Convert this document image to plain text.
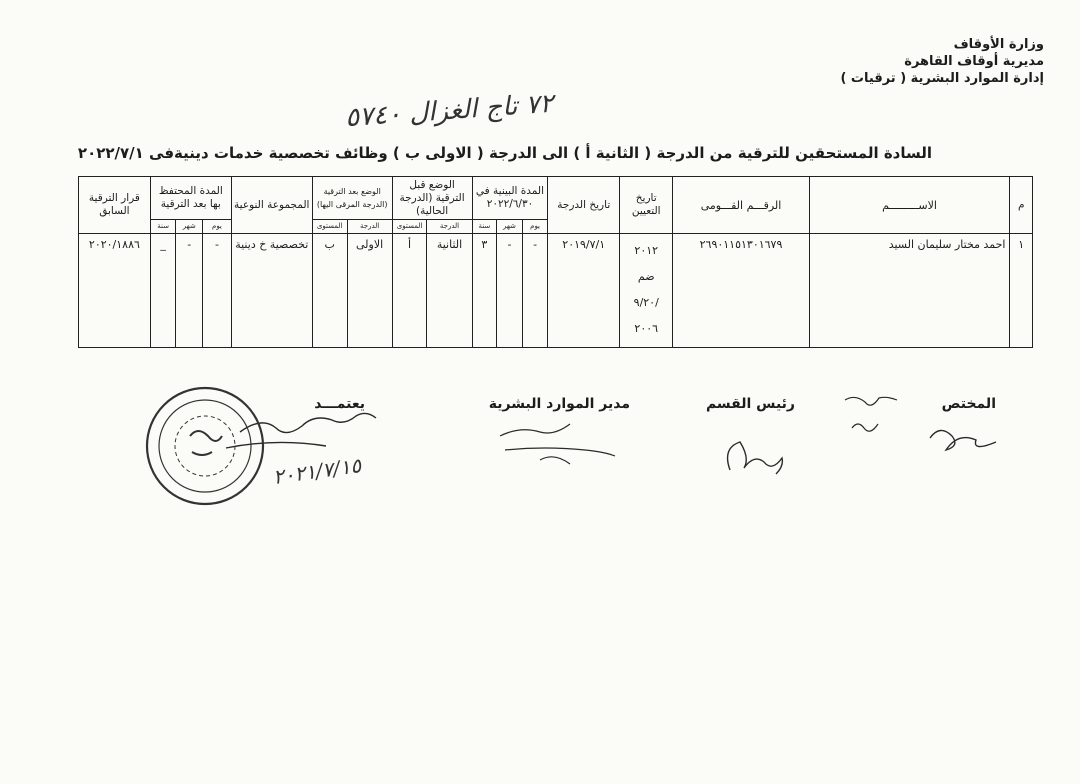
وزارة الأوقاف
مديرية أوقاف القاهرة
إدارة الموارد البشرية ( ترقيات )
٧٢ تاج الغزال ٥٧٤٠
السادة المستحقين للترقية من الدرجة ( الثانية أ ) الى الدرجة ( الاولى ب ) وظائف تخصصية خدمات دينيةفى ٢٠٢٢/٧/١
م	الاســـــــــم	الرقـــم القـــومى	تاريخ التعيين	تاريخ الدرجة	المدة البينية في ٢٠٢٢/٦/٣٠			الوضع قبل الترقية (الدرجة الحالية)		الوضع بعد الترقية (الدرجة المرقى اليها)		المجموعة النوعية	المدة المحتفظ بها بعد الترقية			قرار الترقية السابق
					يوم	شهر	سنة	الدرجة	المستوى	الدرجة	المستوى		يوم	شهر	سنة	
١	احمد مختار سليمان السيد	٢٦٩٠١١٥١٣٠١٦٧٩	٢٠١٢
ضم
/٩/٢٠
٢٠٠٦	٢٠١٩/٧/١	-	-	٣	الثانية	أ	الاولى	ب	تخصصية خ دينية	-	-	_	٢٠٢٠/١٨٨٦
المختص
رئيس القسم
مدير الموارد البشرية
يعتمـــد
٢٠٢١/٧/١٥
